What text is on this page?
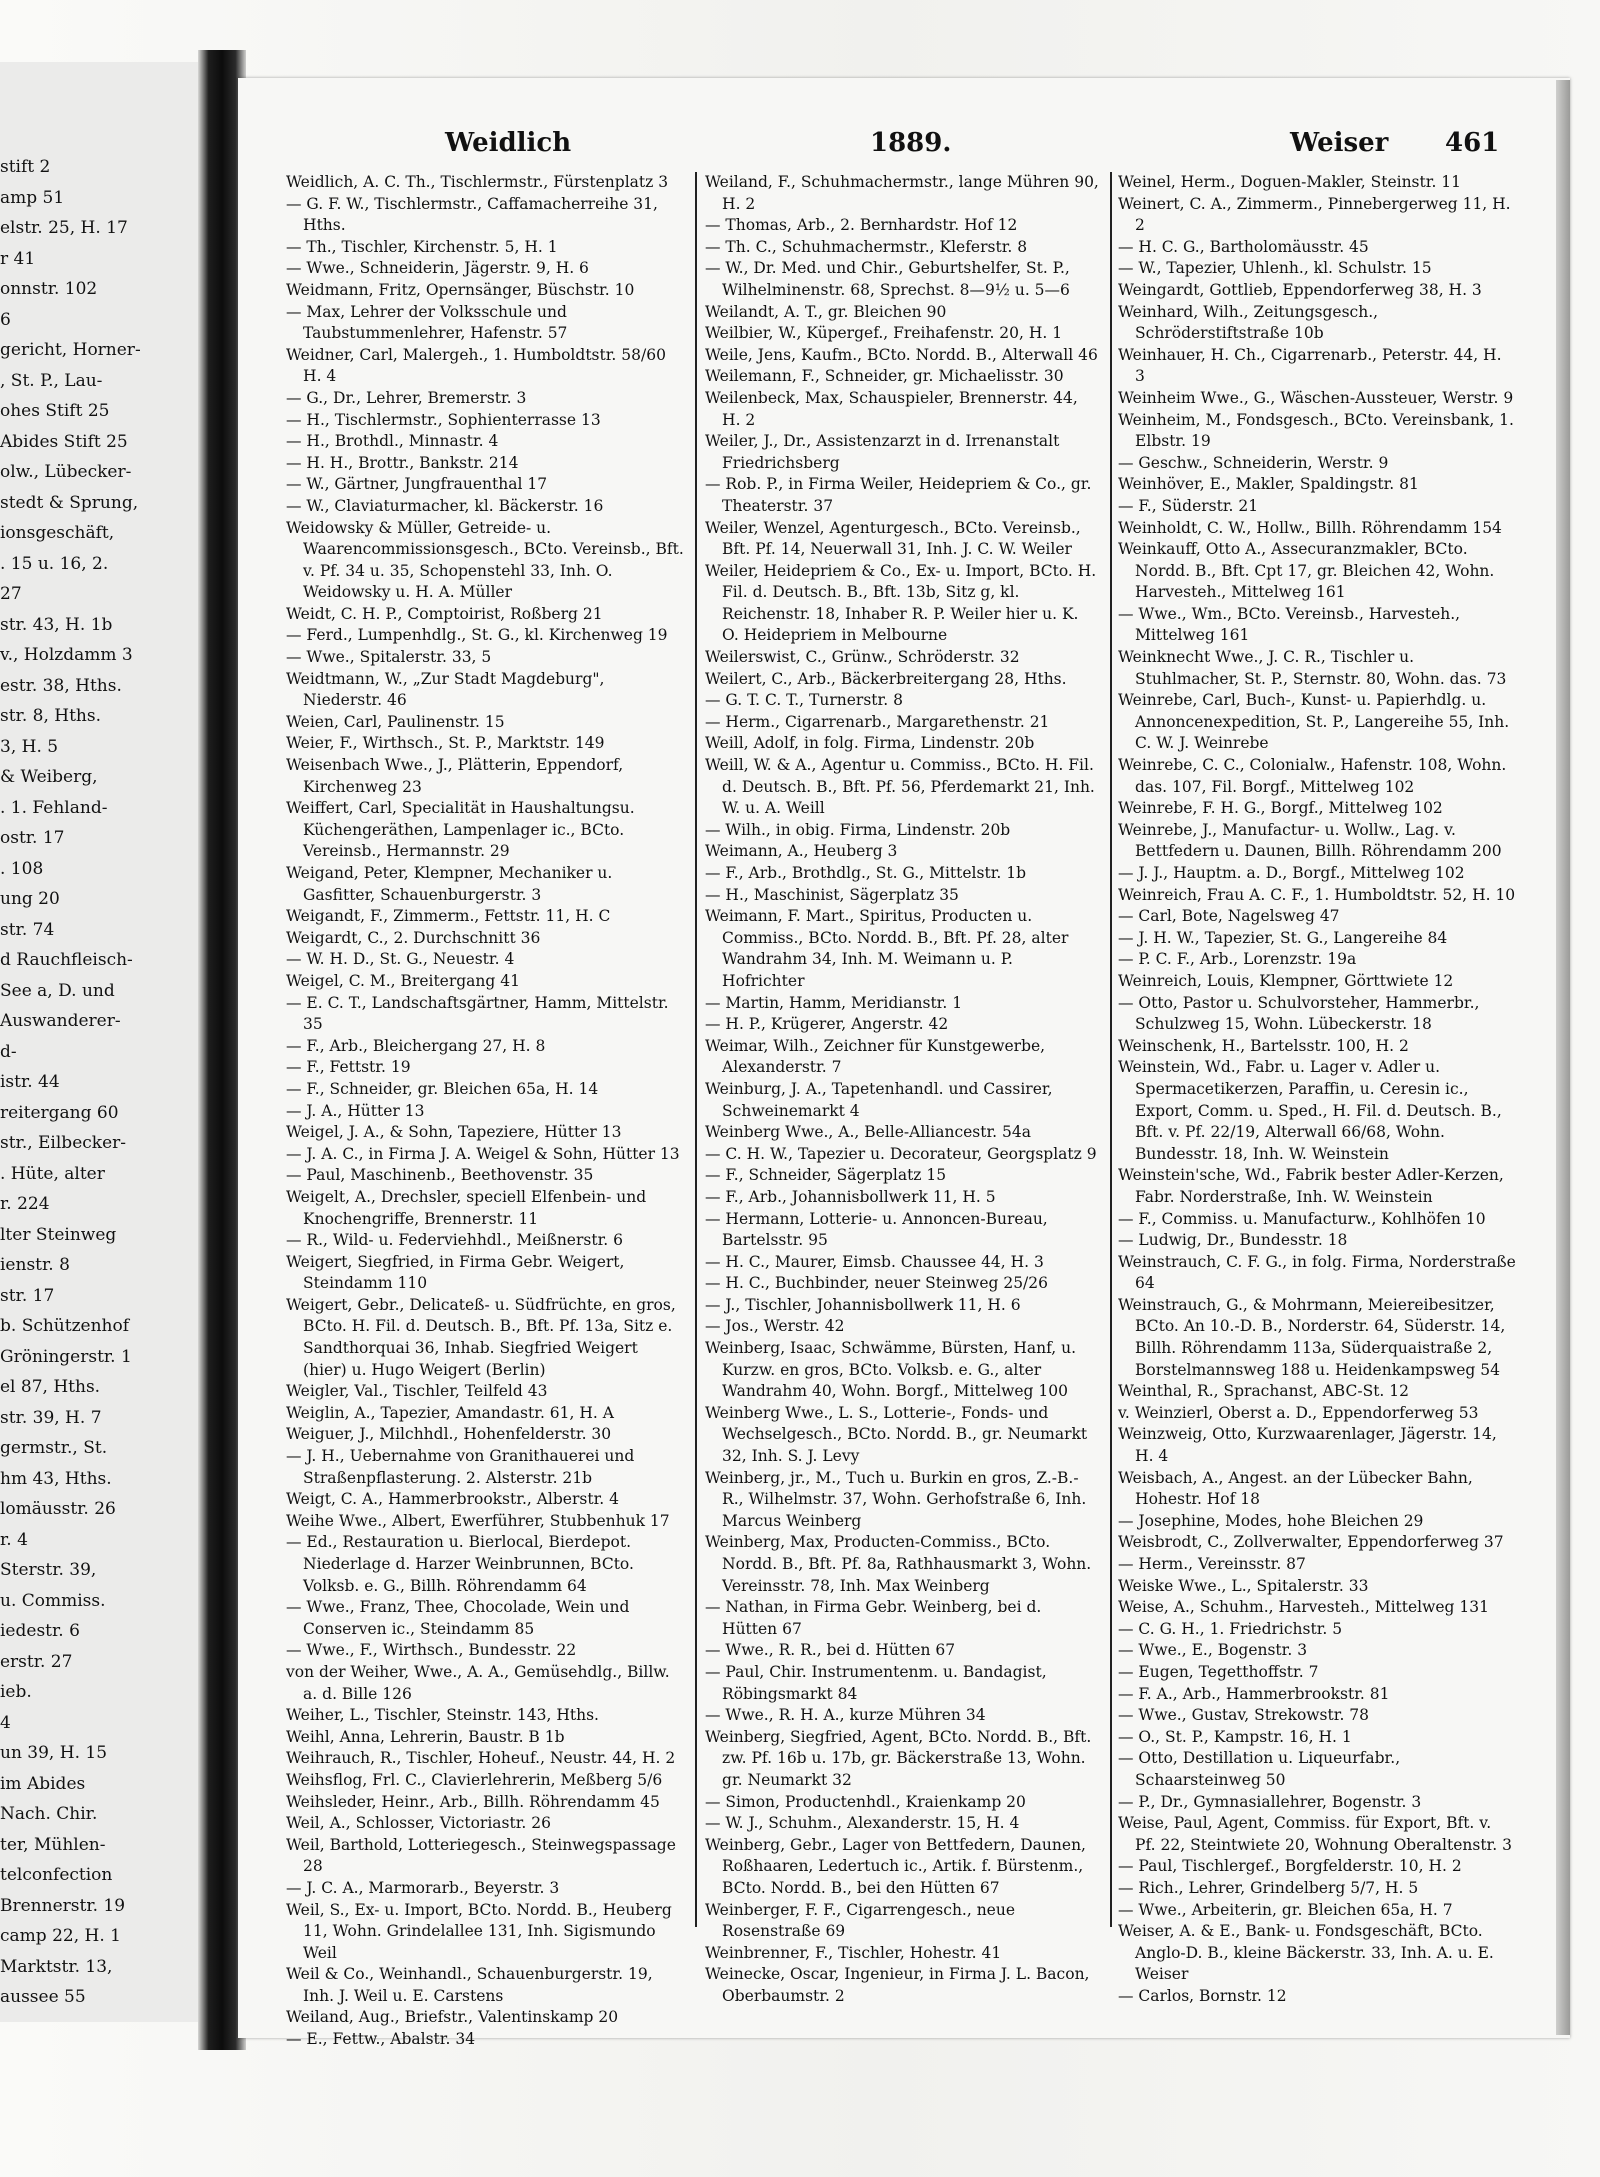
stift 2
amp 51
elstr. 25, H. 17
r 41
onnstr. 102
6
gericht, Horner-
, St. P., Lau-
ohes Stift 25
Abides Stift 25
olw., Lübecker-
stedt & Sprung,
ionsgeschäft,
. 15 u. 16, 2.
27
str. 43, H. 1b
v., Holzdamm 3
estr. 38, Hths.
str. 8, Hths.
3, H. 5
& Weiberg,
. 1. Fehland-
ostr. 17
. 108
ung 20
str. 74
d Rauchfleisch-
See a, D. und
Auswanderer-
d-
istr. 44
reitergang 60
str., Eilbecker-
. Hüte, alter
r. 224
lter Steinweg
ienstr. 8
str. 17
b. Schützenhof
Gröningerstr. 1
el 87, Hths.
str. 39, H. 7
germstr., St.
hm 43, Hths.
lomäusstr. 26
r. 4
Sterstr. 39,
u. Commiss.
iedestr. 6
erstr. 27
ieb.
4
un 39, H. 15
im Abides
Nach. Chir.
ter, Mühlen-
telconfection
Brennerstr. 19
camp 22, H. 1
Marktstr. 13,
aussee 55
Weidlich	1889.	Weiser 461

Weidlich, A. C. Th., Tischlermstr., Fürstenplatz 3

— G. F. W., Tischlermstr., Caffamacherreihe 31, Hths.

— Th., Tischler, Kirchenstr. 5, H. 1

— Wwe., Schneiderin, Jägerstr. 9, H. 6

Weidmann, Fritz, Opernsänger, Büschstr. 10

— Max, Lehrer der Volksschule und Taubstummenlehrer, Hafenstr. 57

Weidner, Carl, Malergeh., 1. Humboldtstr. 58/60 H. 4

— G., Dr., Lehrer, Bremerstr. 3

— H., Tischlermstr., Sophienterrasse 13

— H., Brothdl., Minnastr. 4

— H. H., Brottr., Bankstr. 214

— W., Gärtner, Jungfrauenthal 17

— W., Claviaturmacher, kl. Bäckerstr. 16

Weidowsky & Müller, Getreide- u. Waarencommissionsgesch., BCto. Vereinsb., Bft. v. Pf. 34 u. 35, Schopenstehl 33, Inh. O. Weidowsky u. H. A. Müller

Weidt, C. H. P., Comptoirist, Roßberg 21

— Ferd., Lumpenhdlg., St. G., kl. Kirchenweg 19

— Wwe., Spitalerstr. 33, 5

Weidtmann, W., „Zur Stadt Magdeburg", Niederstr. 46

Weien, Carl, Paulinenstr. 15

Weier, F., Wirthsch., St. P., Marktstr. 149

Weisenbach Wwe., J., Plätterin, Eppendorf, Kirchenweg 23

Weiffert, Carl, Specialität in Haushaltungsu. Küchengeräthen, Lampenlager ic., BCto. Vereinsb., Hermannstr. 29

Weigand, Peter, Klempner, Mechaniker u. Gasfitter, Schauenburgerstr. 3

Weigandt, F., Zimmerm., Fettstr. 11, H. C

Weigardt, C., 2. Durchschnitt 36

— W. H. D., St. G., Neuestr. 4

Weigel, C. M., Breitergang 41

— E. C. T., Landschaftsgärtner, Hamm, Mittelstr. 35

— F., Arb., Bleichergang 27, H. 8

— F., Fettstr. 19

— F., Schneider, gr. Bleichen 65a, H. 14

— J. A., Hütter 13

Weigel, J. A., & Sohn, Tapeziere, Hütter 13

— J. A. C., in Firma J. A. Weigel & Sohn, Hütter 13

— Paul, Maschinenb., Beethovenstr. 35

Weigelt, A., Drechsler, speciell Elfenbein- und Knochengriffe, Brennerstr. 11

— R., Wild- u. Federviehhdl., Meißnerstr. 6

Weigert, Siegfried, in Firma Gebr. Weigert, Steindamm 110

Weigert, Gebr., Delicateß- u. Südfrüchte, en gros, BCto. H. Fil. d. Deutsch. B., Bft. Pf. 13a, Sitz e. Sandthorquai 36, Inhab. Siegfried Weigert (hier) u. Hugo Weigert (Berlin)

Weigler, Val., Tischler, Teilfeld 43

Weiglin, A., Tapezier, Amandastr. 61, H. A

Weiguer, J., Milchhdl., Hohenfelderstr. 30

— J. H., Uebernahme von Granithauerei und Straßenpflasterung. 2. Alsterstr. 21b

Weigt, C. A., Hammerbrookstr., Alberstr. 4

Weihe Wwe., Albert, Ewerführer, Stubbenhuk 17

— Ed., Restauration u. Bierlocal, Bierdepot. Niederlage d. Harzer Weinbrunnen, BCto. Volksb. e. G., Billh. Röhrendamm 64

— Wwe., Franz, Thee, Chocolade, Wein und Conserven ic., Steindamm 85

— Wwe., F., Wirthsch., Bundesstr. 22

von der Weiher, Wwe., A. A., Gemüsehdlg., Billw. a. d. Bille 126

Weiher, L., Tischler, Steinstr. 143, Hths.

Weihl, Anna, Lehrerin, Baustr. B 1b

Weihrauch, R., Tischler, Hoheuf., Neustr. 44, H. 2

Weihsflog, Frl. C., Clavierlehrerin, Meßberg 5/6

Weihsleder, Heinr., Arb., Billh. Röhrendamm 45

Weil, A., Schlosser, Victoriastr. 26

Weil, Barthold, Lotteriegesch., Steinwegspassage 28

— J. C. A., Marmorarb., Beyerstr. 3

Weil, S., Ex- u. Import, BCto. Nordd. B., Heuberg 11, Wohn. Grindelallee 131, Inh. Sigismundo Weil

Weil & Co., Weinhandl., Schauenburgerstr. 19, Inh. J. Weil u. E. Carstens

Weiland, Aug., Briefstr., Valentinskamp 20

— E., Fettw., Abalstr. 34

Weiland, F., Schuhmachermstr., lange Mühren 90, H. 2

— Thomas, Arb., 2. Bernhardstr. Hof 12

— Th. C., Schuhmachermstr., Kleferstr. 8

— W., Dr. Med. und Chir., Geburtshelfer, St. P., Wilhelminenstr. 68, Sprechst. 8—9½ u. 5—6

Weilandt, A. T., gr. Bleichen 90

Weilbier, W., Küpergef., Freihafenstr. 20, H. 1

Weile, Jens, Kaufm., BCto. Nordd. B., Alterwall 46

Weilemann, F., Schneider, gr. Michaelisstr. 30

Weilenbeck, Max, Schauspieler, Brennerstr. 44, H. 2

Weiler, J., Dr., Assistenzarzt in d. Irrenanstalt Friedrichsberg

— Rob. P., in Firma Weiler, Heidepriem & Co., gr. Theaterstr. 37

Weiler, Wenzel, Agenturgesch., BCto. Vereinsb., Bft. Pf. 14, Neuerwall 31, Inh. J. C. W. Weiler

Weiler, Heidepriem & Co., Ex- u. Import, BCto. H. Fil. d. Deutsch. B., Bft. 13b, Sitz g, kl. Reichenstr. 18, Inhaber R. P. Weiler hier u. K. O. Heidepriem in Melbourne

Weilerswist, C., Grünw., Schröderstr. 32

Weilert, C., Arb., Bäckerbreitergang 28, Hths.

— G. T. C. T., Turnerstr. 8

— Herm., Cigarrenarb., Margarethenstr. 21

Weill, Adolf, in folg. Firma, Lindenstr. 20b

Weill, W. & A., Agentur u. Commiss., BCto. H. Fil. d. Deutsch. B., Bft. Pf. 56, Pferdemarkt 21, Inh. W. u. A. Weill

— Wilh., in obig. Firma, Lindenstr. 20b

Weimann, A., Heuberg 3

— F., Arb., Brothdlg., St. G., Mittelstr. 1b

— H., Maschinist, Sägerplatz 35

Weimann, F. Mart., Spiritus, Producten u. Commiss., BCto. Nordd. B., Bft. Pf. 28, alter Wandrahm 34, Inh. M. Weimann u. P. Hofrichter

— Martin, Hamm, Meridianstr. 1

— H. P., Krügerer, Angerstr. 42

Weimar, Wilh., Zeichner für Kunstgewerbe, Alexanderstr. 7

Weinburg, J. A., Tapetenhandl. und Cassirer, Schweinemarkt 4

Weinberg Wwe., A., Belle-Alliancestr. 54a

— C. H. W., Tapezier u. Decorateur, Georgsplatz 9

— F., Schneider, Sägerplatz 15

— F., Arb., Johannisbollwerk 11, H. 5

— Hermann, Lotterie- u. Annoncen-Bureau, Bartelsstr. 95

— H. C., Maurer, Eimsb. Chaussee 44, H. 3

— H. C., Buchbinder, neuer Steinweg 25/26

— J., Tischler, Johannisbollwerk 11, H. 6

— Jos., Werstr. 42

Weinberg, Isaac, Schwämme, Bürsten, Hanf, u. Kurzw. en gros, BCto. Volksb. e. G., alter Wandrahm 40, Wohn. Borgf., Mittelweg 100

Weinberg Wwe., L. S., Lotterie-, Fonds- und Wechselgesch., BCto. Nordd. B., gr. Neumarkt 32, Inh. S. J. Levy

Weinberg, jr., M., Tuch u. Burkin en gros, Z.-B.-R., Wilhelmstr. 37, Wohn. Gerhofstraße 6, Inh. Marcus Weinberg

Weinberg, Max, Producten-Commiss., BCto. Nordd. B., Bft. Pf. 8a, Rathhausmarkt 3, Wohn. Vereinsstr. 78, Inh. Max Weinberg

— Nathan, in Firma Gebr. Weinberg, bei d. Hütten 67

— Wwe., R. R., bei d. Hütten 67

— Paul, Chir. Instrumentenm. u. Bandagist, Röbingsmarkt 84

— Wwe., R. H. A., kurze Mühren 34

Weinberg, Siegfried, Agent, BCto. Nordd. B., Bft. zw. Pf. 16b u. 17b, gr. Bäckerstraße 13, Wohn. gr. Neumarkt 32

— Simon, Productenhdl., Kraienkamp 20

— W. J., Schuhm., Alexanderstr. 15, H. 4

Weinberg, Gebr., Lager von Bettfedern, Daunen, Roßhaaren, Ledertuch ic., Artik. f. Bürstenm., BCto. Nordd. B., bei den Hütten 67

Weinberger, F. F., Cigarrengesch., neue Rosenstraße 69

Weinbrenner, F., Tischler, Hohestr. 41

Weinecke, Oscar, Ingenieur, in Firma J. L. Bacon, Oberbaumstr. 2

Weinel, Herm., Doguen-Makler, Steinstr. 11

Weinert, C. A., Zimmerm., Pinnebergerweg 11, H. 2

— H. C. G., Bartholomäusstr. 45

— W., Tapezier, Uhlenh., kl. Schulstr. 15

Weingardt, Gottlieb, Eppendorferweg 38, H. 3

Weinhard, Wilh., Zeitungsgesch., Schröderstiftstraße 10b

Weinhauer, H. Ch., Cigarrenarb., Peterstr. 44, H. 3

Weinheim Wwe., G., Wäschen-Aussteuer, Werstr. 9

Weinheim, M., Fondsgesch., BCto. Vereinsbank, 1. Elbstr. 19

— Geschw., Schneiderin, Werstr. 9

Weinhöver, E., Makler, Spaldingstr. 81

— F., Süderstr. 21

Weinholdt, C. W., Hollw., Billh. Röhrendamm 154

Weinkauff, Otto A., Assecuranzmakler, BCto. Nordd. B., Bft. Cpt 17, gr. Bleichen 42, Wohn. Harvesteh., Mittelweg 161

— Wwe., Wm., BCto. Vereinsb., Harvesteh., Mittelweg 161

Weinknecht Wwe., J. C. R., Tischler u. Stuhlmacher, St. P., Sternstr. 80, Wohn. das. 73

Weinrebe, Carl, Buch-, Kunst- u. Papierhdlg. u. Annoncenexpedition, St. P., Langereihe 55, Inh. C. W. J. Weinrebe

Weinrebe, C. C., Colonialw., Hafenstr. 108, Wohn. das. 107, Fil. Borgf., Mittelweg 102

Weinrebe, F. H. G., Borgf., Mittelweg 102

Weinrebe, J., Manufactur- u. Wollw., Lag. v. Bettfedern u. Daunen, Billh. Röhrendamm 200

— J. J., Hauptm. a. D., Borgf., Mittelweg 102

Weinreich, Frau A. C. F., 1. Humboldtstr. 52, H. 10

— Carl, Bote, Nagelsweg 47

— J. H. W., Tapezier, St. G., Langereihe 84

— P. C. F., Arb., Lorenzstr. 19a

Weinreich, Louis, Klempner, Görttwiete 12

— Otto, Pastor u. Schulvorsteher, Hammerbr., Schulzweg 15, Wohn. Lübeckerstr. 18

Weinschenk, H., Bartelsstr. 100, H. 2

Weinstein, Wd., Fabr. u. Lager v. Adler u. Spermacetikerzen, Paraffin, u. Ceresin ic., Export, Comm. u. Sped., H. Fil. d. Deutsch. B., Bft. v. Pf. 22/19, Alterwall 66/68, Wohn. Bundesstr. 18, Inh. W. Weinstein

Weinstein'sche, Wd., Fabrik bester Adler-Kerzen, Fabr. Norderstraße, Inh. W. Weinstein

— F., Commiss. u. Manufacturw., Kohlhöfen 10

— Ludwig, Dr., Bundesstr. 18

Weinstrauch, C. F. G., in folg. Firma, Norderstraße 64

Weinstrauch, G., & Mohrmann, Meiereibesitzer, BCto. An 10.-D. B., Norderstr. 64, Süderstr. 14, Billh. Röhrendamm 113a, Süderquaistraße 2, Borstelmannsweg 188 u. Heidenkampsweg 54

Weinthal, R., Sprachanst, ABC-St. 12

v. Weinzierl, Oberst a. D., Eppendorferweg 53

Weinzweig, Otto, Kurzwaarenlager, Jägerstr. 14, H. 4

Weisbach, A., Angest. an der Lübecker Bahn, Hohestr. Hof 18

— Josephine, Modes, hohe Bleichen 29

Weisbrodt, C., Zollverwalter, Eppendorferweg 37

— Herm., Vereinsstr. 87

Weiske Wwe., L., Spitalerstr. 33

Weise, A., Schuhm., Harvesteh., Mittelweg 131

— C. G. H., 1. Friedrichstr. 5

— Wwe., E., Bogenstr. 3

— Eugen, Tegetthoffstr. 7

— F. A., Arb., Hammerbrookstr. 81

— Wwe., Gustav, Strekowstr. 78

— O., St. P., Kampstr. 16, H. 1

— Otto, Destillation u. Liqueurfabr., Schaarsteinweg 50

— P., Dr., Gymnasiallehrer, Bogenstr. 3

Weise, Paul, Agent, Commiss. für Export, Bft. v. Pf. 22, Steintwiete 20, Wohnung Oberaltenstr. 3

— Paul, Tischlergef., Borgfelderstr. 10, H. 2

— Rich., Lehrer, Grindelberg 5/7, H. 5

— Wwe., Arbeiterin, gr. Bleichen 65a, H. 7

Weiser, A. & E., Bank- u. Fondsgeschäft, BCto. Anglo-D. B., kleine Bäckerstr. 33, Inh. A. u. E. Weiser

— Carlos, Bornstr. 12
